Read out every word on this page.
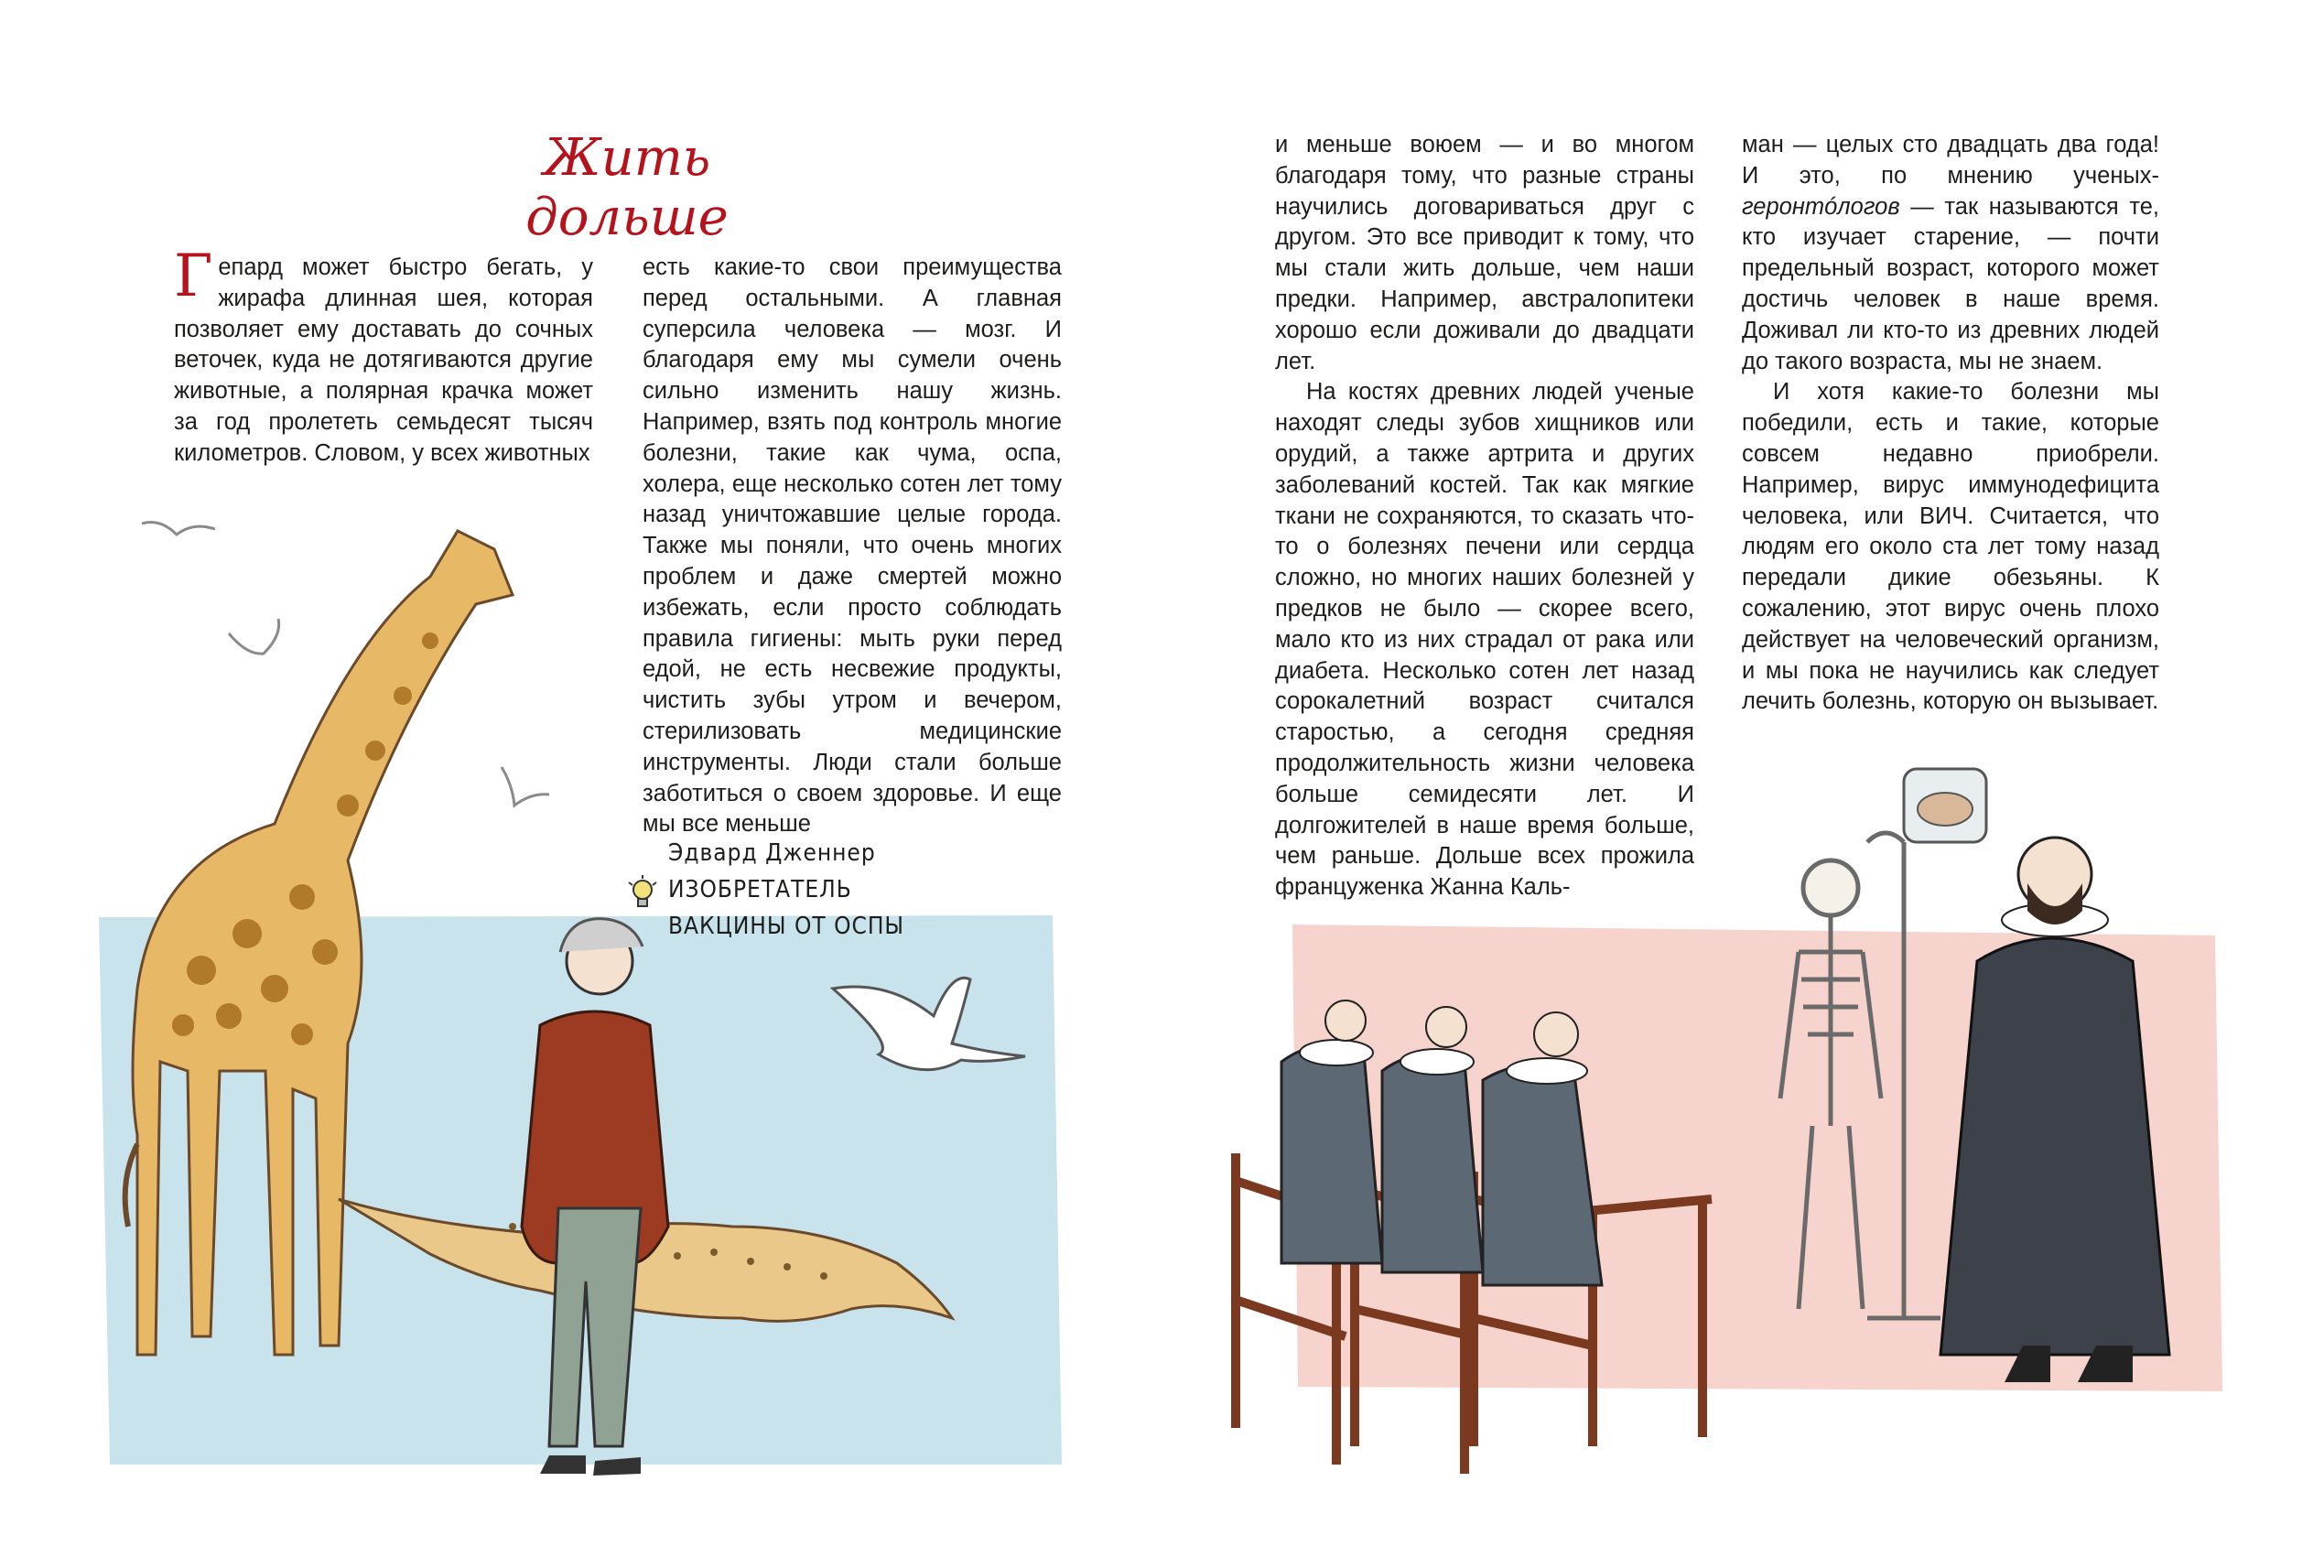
Жить дольше
Г епард может быстро бегать, у жирафа длинная шея, которая позволяет ему доставать до сочных веточек, куда не дотягиваются другие животные, а полярная крачка может за год пролететь семьдесят тысяч километров. Словом, у всех животных

есть какие-то свои преимущества перед остальными. А главная суперсила человека — мозг. И благодаря ему мы сумели очень сильно изменить нашу жизнь. Например, взять под контроль многие болезни, такие как чума, оспа, холера, еще несколько сотен лет тому назад уничтожавшие целые города. Также мы поняли, что очень многих проблем и даже смертей можно избежать, если просто соблюдать правила гигиены: мыть руки перед едой, не есть несвежие продукты, чистить зубы утром и вечером, стерилизовать медицинские инструменты. Люди стали больше заботиться о своем здоровье. И еще мы все меньше

и меньше воюем — и во многом благодаря тому, что разные страны научились договариваться друг с другом. Это все приводит к тому, что мы стали жить дольше, чем наши предки. Например, австралопитеки хорошо если доживали до двадцати лет.

На костях древних людей ученые находят следы зубов хищников или орудий, а также артрита и других заболеваний костей. Так как мягкие ткани не сохраняются, то сказать что-то о болезнях печени или сердца сложно, но многих наших болезней у предков не было — скорее всего, мало кто из них страдал от рака или диабета. Несколько сотен лет назад сорокалетний возраст считался старостью, а сегодня средняя продолжительность жизни человека больше семидесяти лет. И долгожителей в наше время больше, чем раньше. Дольше всех прожила француженка Жанна Каль-

ман — целых сто двадцать два года! И это, по мнению ученых-геронтóлогов — так называются те, кто изучает старение, — почти предельный возраст, которого может достичь человек в наше время. Доживал ли кто-то из древних людей до такого возраста, мы не знаем.

И хотя какие-то болезни мы победили, есть и такие, которые совсем недавно приобрели. Например, вирус иммунодефицита человека, или ВИЧ. Считается, что людям его около ста лет тому назад передали дикие обезьяны. К сожалению, этот вирус очень плохо действует на человеческий организм, и мы пока не научились как следует лечить болезнь, которую он вызывает.

Эдвард Дженнер
ИЗОБРЕТАТЕЛЬ ВАКЦИНЫ ОТ ОСПЫ
